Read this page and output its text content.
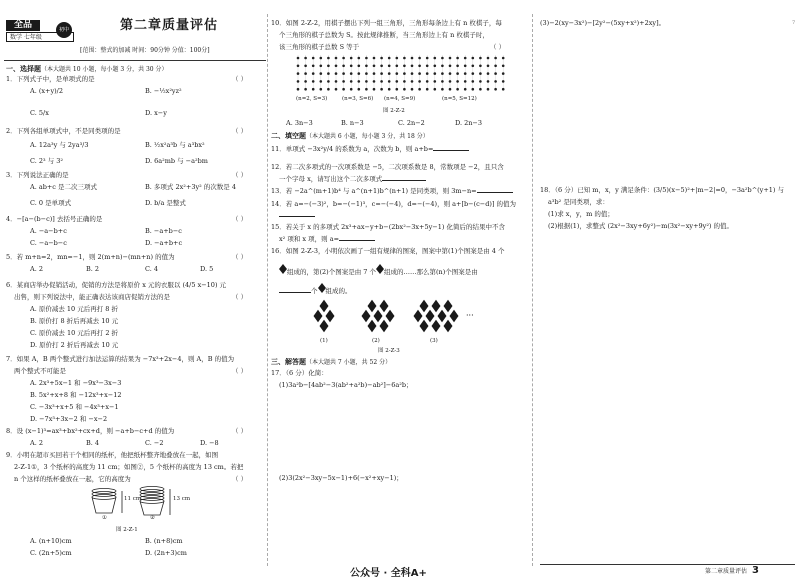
全品
数学 七年级
初中	第二章质量评估
[范围：整式的加减 时间：90分钟 分值：100分]
一、选择题（本大题共 10 小题，每小题 3 分，共 30 分）
1．下列式子中，是单项式的是	（ ）
A. (x+y)/2	B. −½x²yz²
C. 5/x	D. x−y
2．下列各组单项式中，不是同类项的是	（ ）
A. 12a³y 与 2ya³/3	B. ½x²a³b 与 a³bx²
C. 2³ 与 3²	D. 6a²mb 与 −a²bm
3．下列说法正确的是	（ ）
A. ab+c 是二次三项式	B. 多项式 2x²+3y² 的次数是 4
C. 0 是单项式	D. b/a 是整式
4．−[a−(b−c)] 去括号正确的是	（ ）
A. −a−b+c	B. −a+b−c
C. −a−b−c	D. −a+b+c
5．若 m+n=2，mn=−1，则 2(m+n)−(mn+n) 的值为	（ ）
A. 2	B. 2	C. 4	D. 5
6．某商店举办促销活动，促销的方法是将原价 x 元的衣服以 (4/5 x−10) 元
出售，则下列说法中，能正确表达该商店促销方法的是	（ ）
A. 原价减去 10 元后再打 8 折
B. 原价打 8 折后再减去 10 元
C. 原价减去 10 元后再打 2 折
D. 原价打 2 折后再减去 10 元
7．如果 A，B 两个整式进行加法运算的结果为 −7x³+2x−4，则 A，B 的值为
两个整式不可能是	（ ）
A. 2x³+5x−1 和 −9x³−3x−3
B. 5x²+x+8 和 −12x³+x−12
C. −3x³+x+5 和 −4x³+x−1
D. −7x³+3x−2 和 −x−2
8．设 (x−1)³=ax³+bx²+cx+d，则 −a+b−c+d 的值为	（ ）
A. 2	B. 4	C. −2	D. −8
9．小明在超市买回若干个相同的纸杯，他把纸杯整齐地叠放在一起，如图
2-Z-1①，3 个纸杯的高度为 11 cm；如图②，5 个纸杯的高度为 13 cm。若把
n 个这样的纸杯叠放在一起，它的高度为	（ ）
11 cm	13 cm
①	②
图 2-Z-1
A. (n+10)cm	B. (n+8)cm
C. (2n+5)cm	D. (2n+3)cm
10．如图 2-Z-2，用棋子摆出下列一组三角形，三角形每条边上有 n 枚棋子，每
个三角形的棋子总数为 S。按此规律推断，当三角形边上有 n 枚棋子时，
该三角形的棋子总数 S 等于	（ ）
(n=2, S=3)	(n=3, S=6) (n=4, S=9)	(n=5, S=12)
图 2-Z-2
A. 3n−3	B. n−3	C. 2n−2	D. 2n−3
二、填空题（本大题共 6 小题，每小题 3 分，共 18 分）
11．单项式 −3x²y/4 的系数为 a，次数为 b，则 a+b=
12．若二次多项式的一次项系数是 −5，二次项系数是 8，常数项是 −2，且只含
一个字母 x，请写出这个二次多项式
13．若 −2a^(m+1)b⁴ 与 a^(n+1)b^(n+1) 是同类项，则 3m−n=
14．若 a=−(−3)²，b=−(−1)³，c=−(−4)，d=−(−4)，则 a+[b−(c−d)] 的值为
15．若关于 x 的多项式 2x³+ax−y+b−(2bx²−3x+5y−1) 化简后的结果中不含
x² 项和 x 项，则 a=
16．如图 2-Z-3，小明依次画了一组有规律的图案，图案中第(1)个图案是由 4 个
组成的，第(2)个图案是由 7 个 组成的……那么第(n)个图案是由
个 组成的。
···
(1)	(2)	(3)
图 2-Z-3
三、解答题（本大题共 7 小题，共 52 分）
17．（6 分）化简：
(1)3a²b−[4ab²−3(ab²+a²b)−ab²]−6a²b；
(2)3(2x²−3xy−5x−1)+6(−x²+xy−1)；
(3)−2(xy−3x²)−[2y²−(5xy+x²)+2xy]。
18．（6 分）已知 m，x，y 满足条件：(3/5)(x−5)²+|m−2|=0，−3a²b^(y+1) 与
a³b² 是同类项，求：
(1)求 x，y，m 的值；
(2)根据(1)，求整式 (2x²−3xy+6y²)−m(3x²−xy+9y²) 的值。
7
公众号 · 全科A+	第二章质量评估 3
